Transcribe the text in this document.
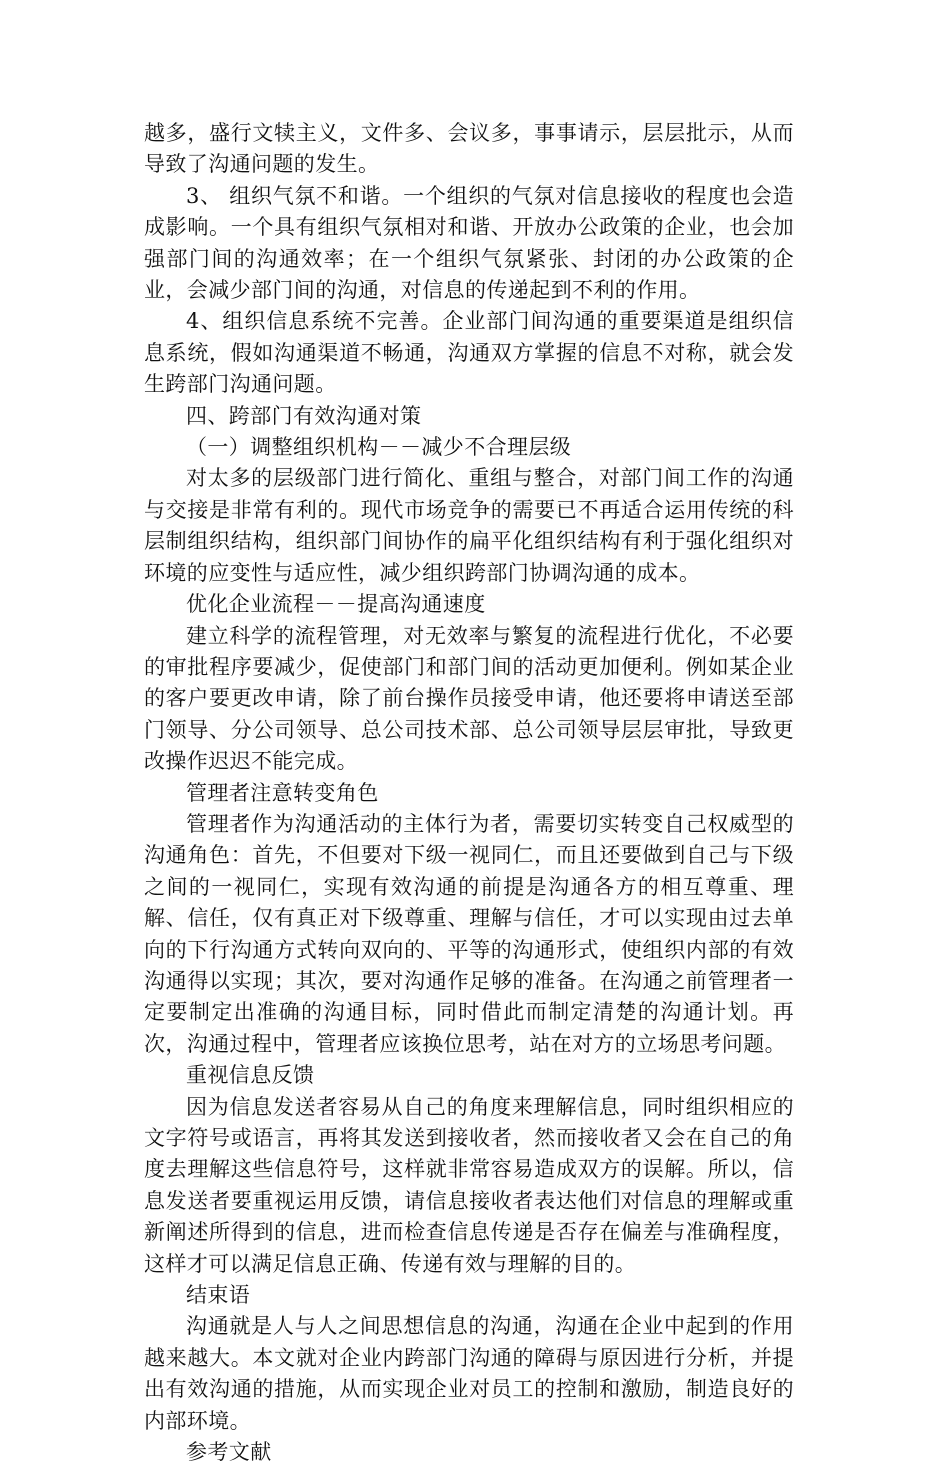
越多，盛行文犊主义，文件多、会议多，事事请示，层层批示，从而导致了沟通问题的发生。

3、 组织气氛不和谐。一个组织的气氛对信息接收的程度也会造成影响。一个具有组织气氛相对和谐、开放办公政策的企业，也会加强部门间的沟通效率；在一个组织气氛紧张、封闭的办公政策的企业，会减少部门间的沟通，对信息的传递起到不利的作用。

4、组织信息系统不完善。企业部门间沟通的重要渠道是组织信息系统，假如沟通渠道不畅通，沟通双方掌握的信息不对称，就会发生跨部门沟通问题。

四、跨部门有效沟通对策

（一）调整组织机构－－减少不合理层级

对太多的层级部门进行简化、重组与整合，对部门间工作的沟通与交接是非常有利的。现代市场竞争的需要已不再适合运用传统的科层制组织结构，组织部门间协作的扁平化组织结构有利于强化组织对环境的应变性与适应性，减少组织跨部门协调沟通的成本。

优化企业流程－－提高沟通速度

建立科学的流程管理，对无效率与繁复的流程进行优化，不必要的审批程序要减少，促使部门和部门间的活动更加便利。例如某企业的客户要更改申请，除了前台操作员接受申请，他还要将申请送至部门领导、分公司领导、总公司技术部、总公司领导层层审批，导致更改操作迟迟不能完成。

管理者注意转变角色

管理者作为沟通活动的主体行为者，需要切实转变自己权威型的沟通角色：首先，不但要对下级一视同仁，而且还要做到自己与下级之间的一视同仁，实现有效沟通的前提是沟通各方的相互尊重、理解、信任，仅有真正对下级尊重、理解与信任，才可以实现由过去单向的下行沟通方式转向双向的、平等的沟通形式，使组织内部的有效沟通得以实现；其次，要对沟通作足够的准备。在沟通之前管理者一定要制定出准确的沟通目标，同时借此而制定清楚的沟通计划。再次，沟通过程中，管理者应该换位思考，站在对方的立场思考问题。

重视信息反馈

因为信息发送者容易从自己的角度来理解信息，同时组织相应的文字符号或语言，再将其发送到接收者，然而接收者又会在自己的角度去理解这些信息符号，这样就非常容易造成双方的误解。所以，信息发送者要重视运用反馈，请信息接收者表达他们对信息的理解或重新阐述所得到的信息，进而检查信息传递是否存在偏差与准确程度，这样才可以满足信息正确、传递有效与理解的目的。

结束语

沟通就是人与人之间思想信息的沟通，沟通在企业中起到的作用越来越大。本文就对企业内跨部门沟通的障碍与原因进行分析，并提出有效沟通的措施，从而实现企业对员工的控制和激励，制造良好的内部环境。

参考文献
